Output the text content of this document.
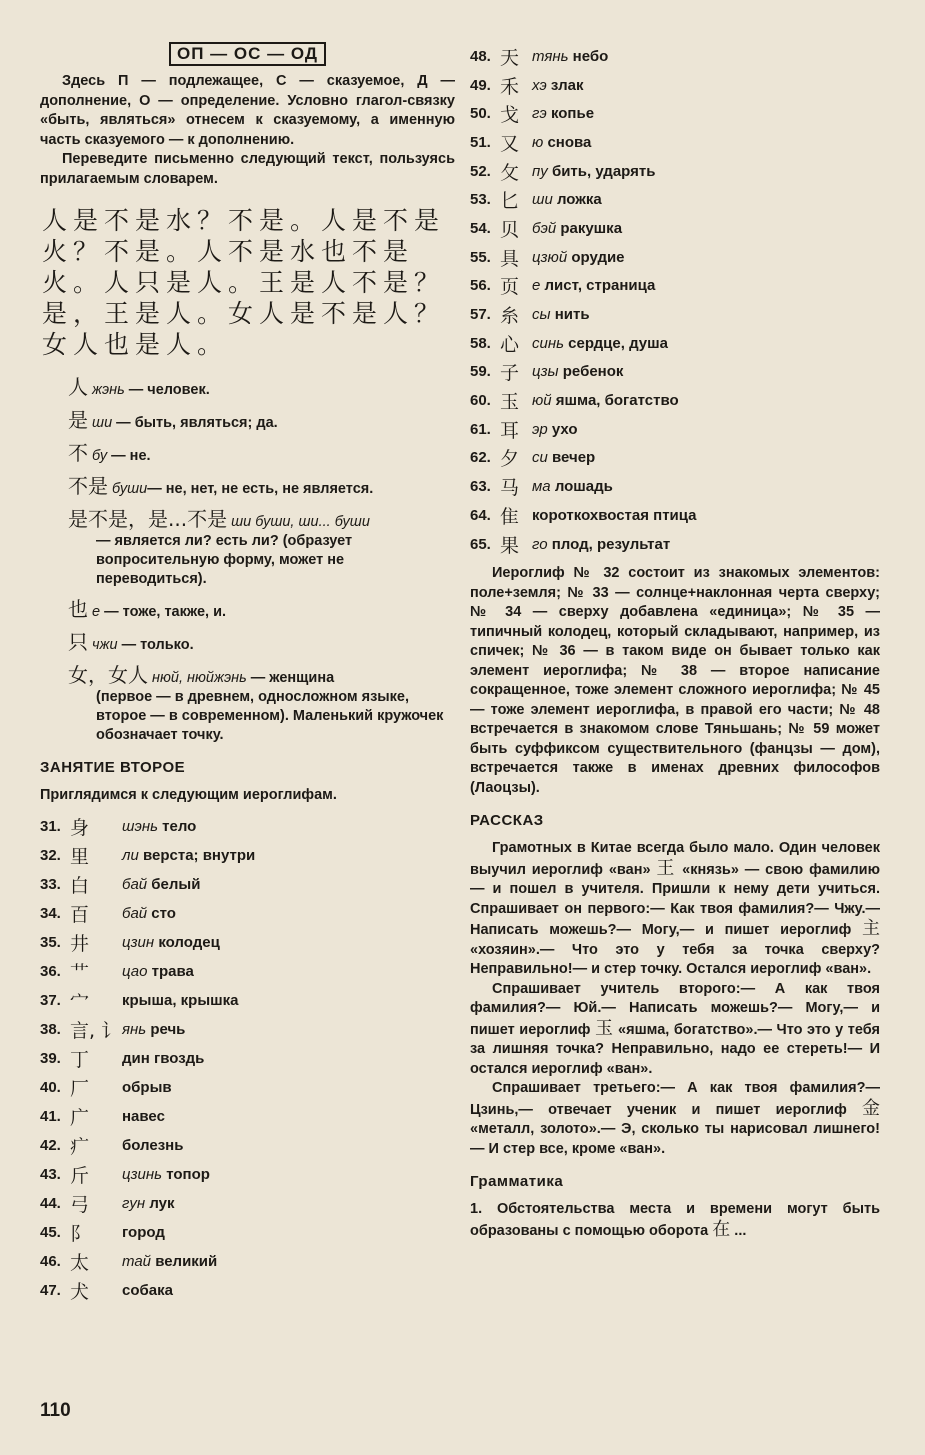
ОП — ОС — ОД

Здесь П — подлежащее, С — сказуемое, Д — дополнение, О — определение. Условно глагол-связку «быть, являться» отнесем к сказуемому, а именную часть сказуемого — к дополнению.

Переведите письменно следующий текст, пользуясь прилагаемым словарем.

人是不是水？不是。人是不是
火？不是。人不是水也不是
火。人只是人。王是人不是？
是，王是人。女人是不是人？
女人也是人。
人 жэнь — человек.
是 ши — быть, являться; да.
不 бу — не.
不是 буши— не, нет, не есть, не является.
是不是，是...不是 ши буши, ши... буши
— является ли? есть ли? (образует вопросительную форму, может не переводиться).
也 е — тоже, также, и.
只 чжи — только.
女，女人 нюй, нюйжэнь — женщина
(первое — в древнем, односложном языке, второе — в современном). Маленький кружочек обозначает точку.
ЗАНЯТИЕ ВТОРОЕ

Приглядимся к следующим иероглифам.

31. 身	шэнь тело
32. 里	ли верста; внутри
33. 白	бай белый
34. 百	бай сто
35. 井	цзин колодец
36. 艹	цао трава
37. 宀	крыша, крышка
38. 言, 讠 янь речь
39. 丁	дин гвоздь
40. 厂	обрыв
41. 广	навес
42. 疒	болезнь
43. 斤	цзинь топор
44. 弓	гун лук
45. 阝	город
46. 太	тай великий
47. 犬	собака
48. 天 тянь небо
49. 禾 хэ злак
50. 戈 гэ копье
51. 又 ю снова
52. 攵 пу бить, ударять
53. 匕 ши ложка
54. 贝 бэй ракушка
55. 具 цзюй орудие
56. 页 е лист, страница
57. 糸 сы нить
58. 心 синь сердце, душа
59. 子 цзы ребенок
60. 玉 юй яшма, богатство
61. 耳 эр ухо
62. 夕 си вечер
63. 马 ма лошадь
64. 隹 короткохвостая птица
65. 果 го плод, результат

Иероглиф № 32 состоит из знакомых элементов: поле+земля; № 33 — солнце+наклонная черта сверху; № 34 — сверху добавлена «единица»; № 35 — типичный колодец, который складывают, например, из спичек; № 36 — в таком виде он бывает только как элемент иероглифа; № 38 — второе написание сокращенное, тоже элемент сложного иероглифа; № 45 — тоже элемент иероглифа, в правой его части; № 48 встречается в знакомом слове Тяньшань; № 59 может быть суффиксом существительного (фанцзы — дом), встречается также в именах древних философов (Лаоцзы).

РАССКАЗ

Грамотных в Китае всегда было мало. Один человек выучил иероглиф «ван» 王 «князь» — свою фамилию — и пошел в учителя. Пришли к нему дети учиться. Спрашивает он первого:— Как твоя фамилия?— Чжу.— Написать можешь?— Могу,— и пишет иероглиф 主 «хозяин».— Что это у тебя за точка сверху? Неправильно!— и стер точку. Остался иероглиф «ван».

Спрашивает учитель второго:— А как твоя фамилия?— Юй.— Написать можешь?— Могу,— и пишет иероглиф 玉 «яшма, богатство».— Что это у тебя за лишняя точка? Неправильно, надо ее стереть!— И остался иероглиф «ван».

Спрашивает третьего:— А как твоя фамилия?— Цзинь,— отвечает ученик и пишет иероглиф 金 «металл, золото».— Э, сколько ты нарисовал лишнего!— И стер все, кроме «ван».

Грамматика

1. Обстоятельства места и времени могут быть образованы с помощью оборота 在 ...

110
